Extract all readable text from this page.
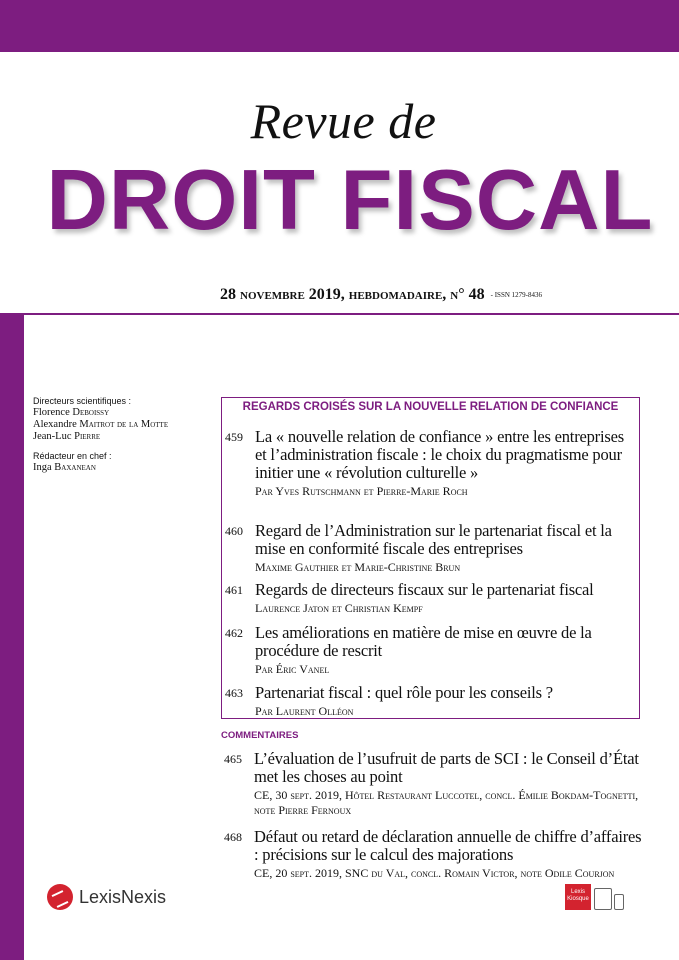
Revue de
DROIT FISCAL
28 novembre 2019, hebdomadaire, n° 48 - ISSN 1279-8436
Directeurs scientifiques :
Florence Deboissy
Alexandre Maitrot de la Motte
Jean-Luc Pierre
Rédacteur en chef :
Inga Baxanean
REGARDS CROISÉS SUR LA NOUVELLE RELATION DE CONFIANCE
459 La « nouvelle relation de confiance » entre les entreprises et l’administration fiscale : le choix du pragmatisme pour initier une « révolution culturelle »
Par Yves Rutschmann et Pierre-Marie Roch
460 Regard de l’Administration sur le partenariat fiscal et la mise en conformité fiscale des entreprises
Maxime Gauthier et Marie-Christine Brun
461 Regards de directeurs fiscaux sur le partenariat fiscal
Laurence Jaton et Christian Kempf
462 Les améliorations en matière de mise en œuvre de la procédure de rescrit
Par Éric Vanel
463 Partenariat fiscal : quel rôle pour les conseils ?
Par Laurent Olléon
COMMENTAIRES
465 L’évaluation de l’usufruit de parts de SCI : le Conseil d’État met les choses au point
CE, 30 sept. 2019, Hôtel Restaurant Luccotel, concl. Émilie Bokdam-Tognetti, note Pierre Fernoux
468 Défaut ou retard de déclaration annuelle de chiffre d’affaires : précisions sur le calcul des majorations
CE, 20 sept. 2019, SNC du Val, concl. Romain Victor, note Odile Courjon
LexisNexis	Lexis
Kiosque
